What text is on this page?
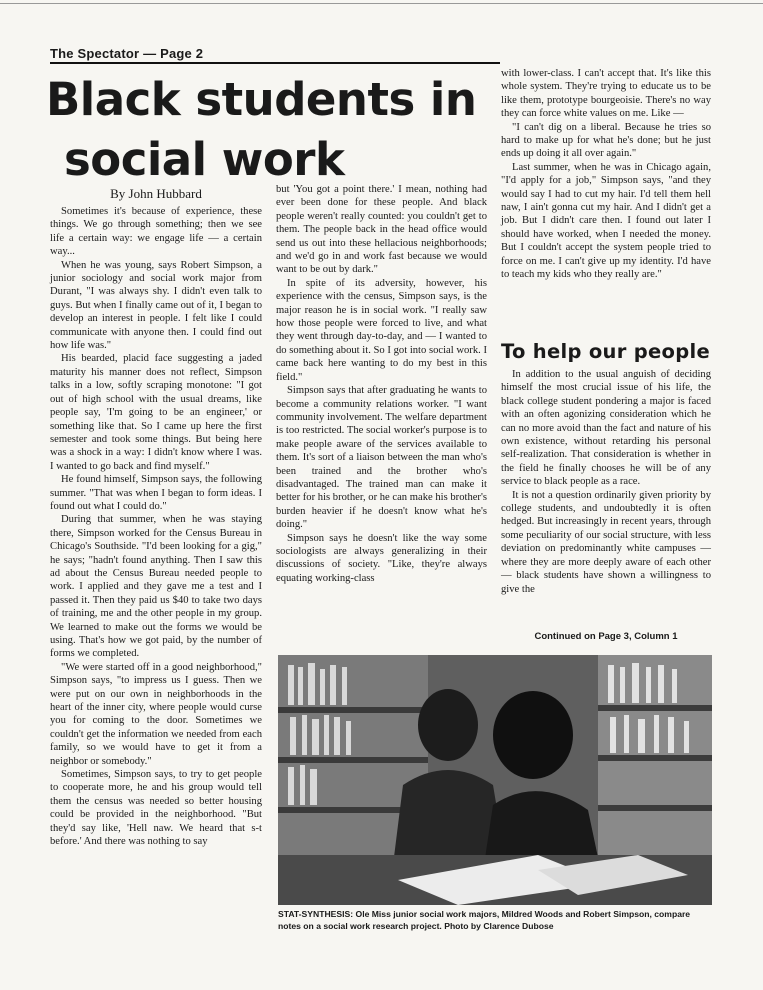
The Spectator — Page 2
Black students in
social work
By John Hubbard

Sometimes it's because of experience, these things. We go through something; then we see life a certain way: we engage life — a certain way...

When he was young, says Robert Simpson, a junior sociology and social work major from Durant, "I was always shy. I didn't even talk to guys. But when I finally came out of it, I began to develop an interest in people. I felt like I could communicate with anyone then. I could find out how life was."

His bearded, placid face suggesting a jaded maturity his manner does not reflect, Simpson talks in a low, softly scraping monotone: "I got out of high school with the usual dreams, like people say, 'I'm going to be an engineer,' or something like that. So I came up here the first semester and took some things. But being here was a shock in a way: I didn't know where I was. I wanted to go back and find myself."

He found himself, Simpson says, the following summer. "That was when I began to form ideas. I found out what I could do."

During that summer, when he was staying there, Simpson worked for the Census Bureau in Chicago's Southside. "I'd been looking for a gig," he says; "hadn't found anything. Then I saw this ad about the Census Bureau needed people to work. I applied and they gave me a test and I passed it. Then they paid us $40 to take two days of training, me and the other people in my group. We learned to make out the forms we would be using. That's how we got paid, by the number of forms we completed.

"We were started off in a good neighborhood," Simpson says, "to impress us I guess. Then we were put on our own in neighborhoods in the heart of the inner city, where people would curse you for coming to the door. Sometimes we couldn't get the information we needed from each family, so we would have to get it from a neighbor or somebody."

Sometimes, Simpson says, to try to get people to cooperate more, he and his group would tell them the census was needed so better housing could be provided in the neighborhood. "But they'd say like, 'Hell naw. We heard that s-t before.' And there was nothing to say

but 'You got a point there.' I mean, nothing had ever been done for these people. And black people weren't really counted: you couldn't get to them. The people back in the head office would send us out into these hellacious neighborhoods; and we'd go in and work fast because we would want to be out by dark."

In spite of its adversity, however, his experience with the census, Simpson says, is the major reason he is in social work. "I really saw how those people were forced to live, and what they went through day-to-day, and — I wanted to do something about it. So I got into social work. I came back here wanting to do my best in this field."

Simpson says that after graduating he wants to become a community relations worker. "I want community involvement. The welfare department is too restricted. The social worker's purpose is to make people aware of the services available to them. It's sort of a liaison between the man who's been trained and the brother who's disadvantaged. The trained man can make it better for his brother, or he can make his brother's burden heavier if he doesn't know what he's doing."

Simpson says he doesn't like the way some sociologists are always generalizing in their discussions of society. "Like, they're always equating working-class

with lower-class. I can't accept that. It's like this whole system. They're trying to educate us to be like them, prototype bourgeoisie. There's no way they can force white values on me. Like —

"I can't dig on a liberal. Because he tries so hard to make up for what he's done; but he just ends up doing it all over again."

Last summer, when he was in Chicago again, "I'd apply for a job," Simpson says, "and they would say I had to cut my hair. I'd tell them hell naw, I ain't gonna cut my hair. And I didn't get a job. But I didn't care then. I found out later I should have worked, when I needed the money. But I couldn't accept the system people tried to force on me. I can't give up my identity. I'd have to teach my kids who they really are."

To help our people

In addition to the usual anguish of deciding himself the most crucial issue of his life, the black college student pondering a major is faced with an often agonizing consideration which he can no more avoid than the fact and nature of his own existence, without retarding his personal self-realization. That consideration is whether in the field he finally chooses he will be of any service to black people as a race.

It is not a question ordinarily given priority by college students, and undoubtedly it is often hedged. But increasingly in recent years, through some peculiarity of our social structure, with less deviation on predominantly white campuses — where they are more deeply aware of each other — black students have shown a willingness to give the

Continued on Page 3, Column 1
STAT-SYNTHESIS: Ole Miss junior social work majors, Mildred Woods and Robert Simpson, compare notes on a social work research project. Photo by Clarence Dubose
